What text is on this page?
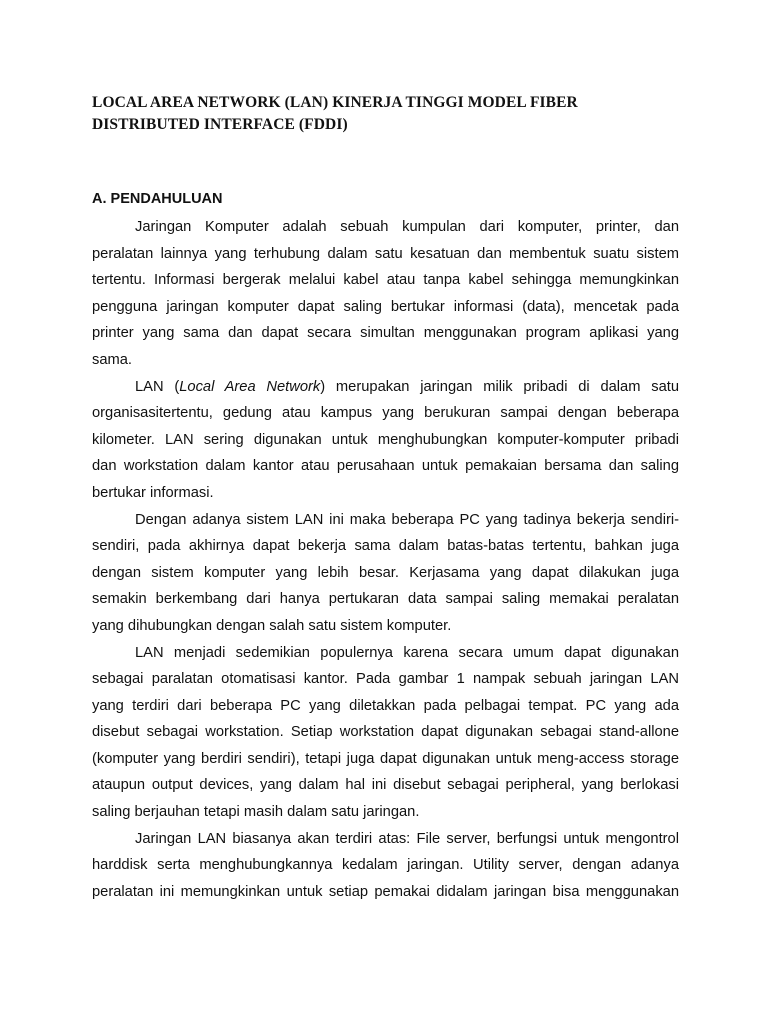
LOCAL AREA NETWORK (LAN) KINERJA TINGGI MODEL FIBER
DISTRIBUTED INTERFACE (FDDI)
A. PENDAHULUAN

Jaringan Komputer adalah sebuah kumpulan dari komputer, printer, dan
peralatan lainnya yang terhubung dalam satu kesatuan dan membentuk suatu sistem
tertentu. Informasi bergerak melalui kabel atau tanpa kabel sehingga memungkinkan
pengguna jaringan komputer dapat saling bertukar informasi (data), mencetak pada
printer yang sama dan dapat secara simultan menggunakan program aplikasi yang
sama.

LAN (Local Area Network) merupakan jaringan milik pribadi di dalam satu
organisasitertentu, gedung atau kampus yang berukuran sampai dengan beberapa
kilometer. LAN sering digunakan untuk menghubungkan komputer-komputer pribadi
dan workstation dalam kantor atau perusahaan untuk pemakaian bersama dan saling
bertukar informasi.

Dengan adanya sistem LAN ini maka beberapa PC yang tadinya bekerja sendiri-
sendiri, pada akhirnya dapat bekerja sama dalam batas-batas tertentu, bahkan juga
dengan sistem komputer yang lebih besar. Kerjasama yang dapat dilakukan juga
semakin berkembang dari hanya pertukaran data sampai saling memakai peralatan
yang dihubungkan dengan salah satu sistem komputer.

LAN menjadi sedemikian populernya karena secara umum dapat digunakan
sebagai paralatan otomatisasi kantor. Pada gambar 1 nampak sebuah jaringan LAN
yang terdiri dari beberapa PC yang diletakkan pada pelbagai tempat. PC yang ada
disebut sebagai workstation. Setiap workstation dapat digunakan sebagai stand-allone
(komputer yang berdiri sendiri), tetapi juga dapat digunakan untuk meng-access storage
ataupun output devices, yang dalam hal ini disebut sebagai peripheral, yang berlokasi
saling berjauhan tetapi masih dalam satu jaringan.

Jaringan LAN biasanya akan terdiri atas: File server, berfungsi untuk mengontrol
harddisk serta menghubungkannya kedalam jaringan. Utility server, dengan adanya
peralatan ini memungkinkan untuk setiap pemakai didalam jaringan bisa menggunakan
